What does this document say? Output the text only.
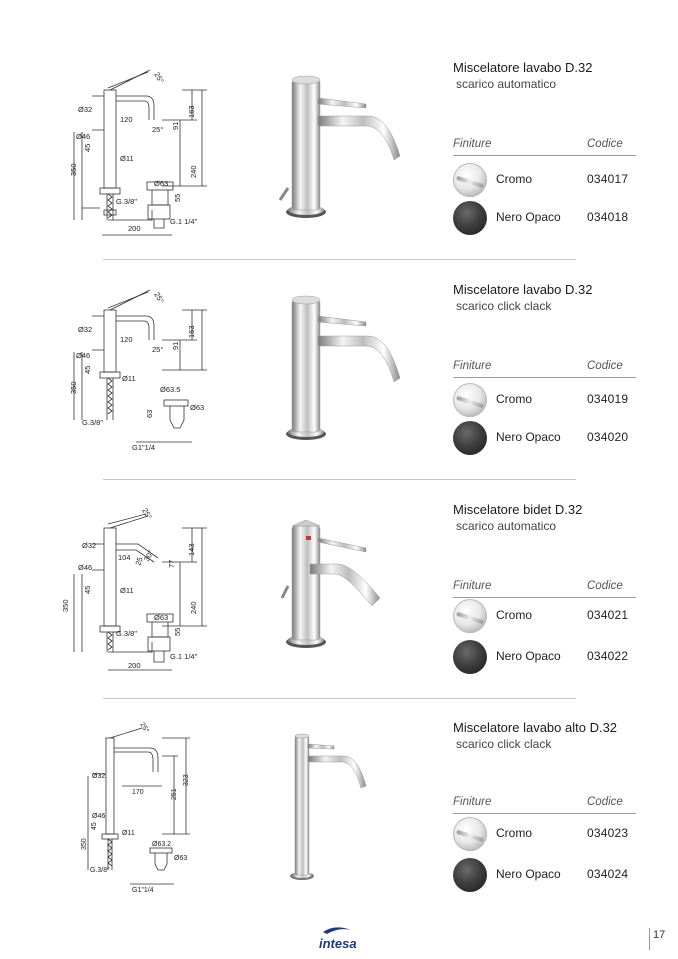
25°
Ø32
120
25°
Ø46
91
163
350
45
Ø11
240
Ø63
55
G.3/8"
G.1 1/4"
200
Miscelatore lavabo D.32
scarico automatico
Finiture	Codice
Cromo	034017
Nero Opaco 034018
25°
Ø32
120
25°
Ø46
91
163
350
45
Ø11
Ø63.5
Ø63
63
G.3/8"
G1"1/4
Miscelatore lavabo D.32
scarico click clack
Finiture	Codice
Cromo	034019
Nero Opaco 034020
25°
Ø32
104 30°
25	77
143
Ø46
350
45	Ø11
240
Ø63
55
G.3/8"
G.1 1/4"
200
Miscelatore bidet D.32
scarico automatico
Finiture	Codice
Cromo	034021
Nero Opaco 034022
25°
Ø32
170	251
323
Ø46
45
Ø11
350	Ø63.2
Ø63
G.3/8"
G1"1/4
Miscelatore lavabo alto D.32
scarico click clack
Finiture	Codice
Cromo	034023
Nero Opaco 034024
intesa
17
